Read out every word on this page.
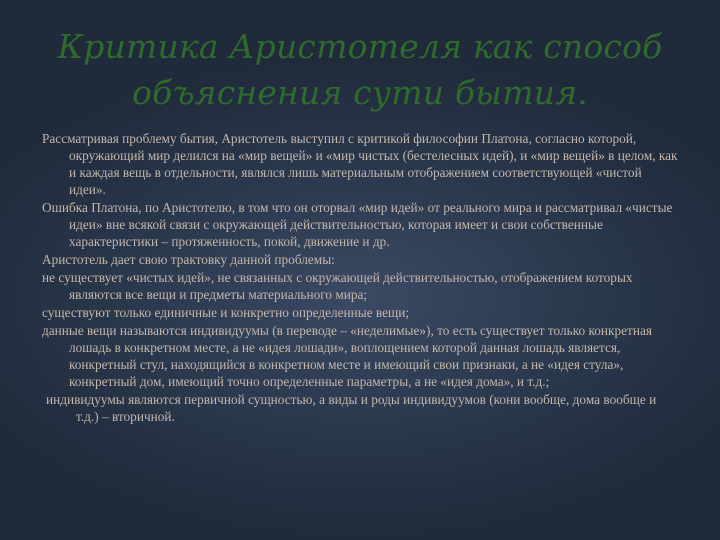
Критика Аристотеля как способ объяснения сути бытия.

Рассматривая проблему бытия, Аристотель выступил с критикой философии Платона, согласно которой, окружающий мир делился на «мир вещей» и «мир чистых (бестелесных идей), и «мир вещей» в целом, как и каждая вещь в отдельности, являлся лишь материальным отображением соответствующей «чистой идеи».

Ошибка Платона, по Аристотелю, в том что он оторвал «мир идей» от реального мира и рассматривал «чистые идеи» вне всякой связи с окружающей действительностью, которая имеет и свои собственные характеристики – протяженность, покой, движение и др.

Аристотель дает свою трактовку данной проблемы:

не существует «чистых идей», не связанных с окружающей действительностью, отображением которых являются все вещи и предметы материального мира;

существуют только единичные и конкретно определенные вещи;

данные вещи называются индивидуумы (в переводе – «неделимые»), то есть существует только конкретная лошадь в конкретном месте, а не «идея лошади», воплощением которой данная лошадь является, конкретный стул, находящийся в конкретном месте и имеющий свои признаки, а не «идея стула», конкретный дом, имеющий точно определенные параметры, а не «идея дома», и т.д.;

индивидуумы являются первичной сущностью, а виды и роды индивидуумов (кони вообще, дома вообще и т.д.) – вторичной.
